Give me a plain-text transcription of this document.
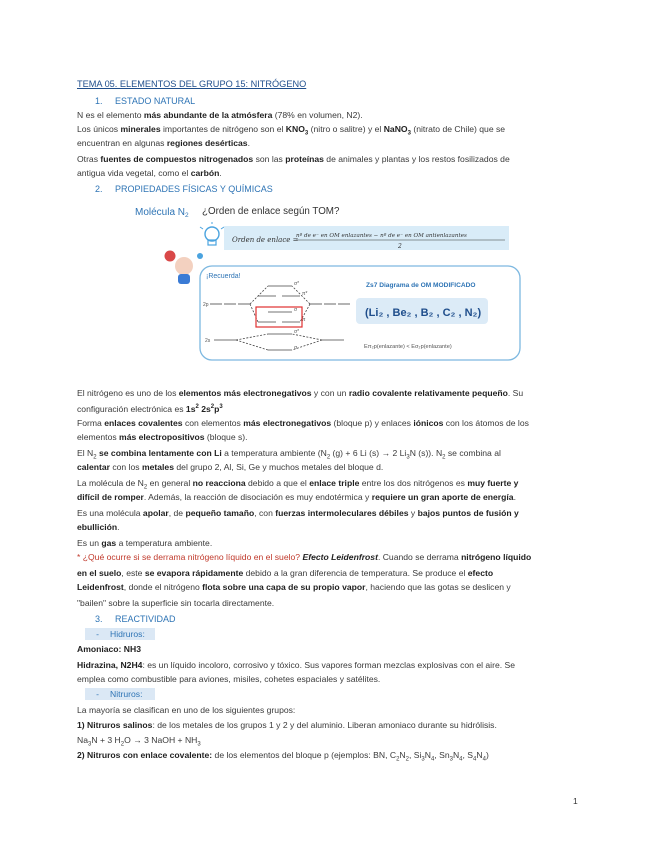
TEMA 05. ELEMENTOS DEL GRUPO 15: NITRÓGENO
1. ESTADO NATURAL
N es el elemento más abundante de la atmósfera (78% en volumen, N2).
Los únicos minerales importantes de nitrógeno son el $KNO_3$ (nitro o salitre) y el NaNO$_3$ (nitrato de Chile) que se
encuentran en algunas regiones desérticas.
Otras fuentes de compuestos nitrogenados son las proteínas de animales y plantas y los restos fosilizados de
antigua vida vegetal, como el carbón.
2. PROPIEDADES FÍSICAS Y QUÍMICAS
Molécula $N_2$ ¿Orden de enlace según TOM?
Orden de enlace =
nº de e⁻ en OM enlazantes − nº de e⁻ en OM antienlazantes
2
¡Recuerda!
σ*
π*
σ
π
σ*
σ
2p
2s
Zs7 Diagrama de OM MODIFICADO
(Li₂ , Be₂ , B₂ , C₂ , N₂)
Eπ₂p(enlazante) < Eσ₂p(enlazante)
El nitrógeno es uno de los elementos más electronegativos y con un radio covalente relativamente pequeño. Su
configuración electrónica es $1s^2$ $2s^2p^3$
Forma enlaces covalentes con elementos más electronegativos (bloque p) y enlaces iónicos con los átomos de los
elementos más electropositivos (bloque s).
El $N_2$ se combina lentamente con Li a temperatura ambiente ($N_2$ (g) + 6 Li (s) → 2 $Li_3N$ (s)). $N_2$ se combina al
calentar con los metales del grupo 2, Al, Si, Ge y muchos metales del bloque d.
La molécula de $N_2$ en general no reacciona debido a que el enlace triple entre los dos nitrógenos es muy fuerte y
difícil de romper. Además, la reacción de disociación es muy endotérmica y requiere un gran aporte de energía.
Es una molécula apolar, de pequeño tamaño, con fuerzas intermoleculares débiles y bajos puntos de fusión y
ebullición.
Es un gas a temperatura ambiente.
* ¿Qué ocurre si se derrama nitrógeno líquido en el suelo? Efecto Leidenfrost. Cuando se derrama nitrógeno líquido
en el suelo, este se evapora rápidamente debido a la gran diferencia de temperatura. Se produce el efecto
Leidenfrost, donde el nitrógeno flota sobre una capa de su propio vapor, haciendo que las gotas se deslicen y
"bailen" sobre la superficie sin tocarla directamente.
3. REACTIVIDAD
- Hidruros:
Amoniaco: NH3
Hidrazina, N2H4: es un líquido incoloro, corrosivo y tóxico. Sus vapores forman mezclas explosivas con el aire. Se
emplea como combustible para aviones, misiles, cohetes espaciales y satélites.
- Nitruros:
La mayoría se clasifican en uno de los siguientes grupos:
1) Nitruros salinos: de los metales de los grupos 1 y 2 y del aluminio. Liberan amoniaco durante su hidrólisis.
$Na_3N + 3$ $H_2O \to 3$ NaOH + $NH_3$
2) Nitruros con enlace covalente: de los elementos del bloque p (ejemplos: BN, $C_2N_2$, $Si_3N_4$, $Sn_3N_4$, $S_4N_4$)
1
